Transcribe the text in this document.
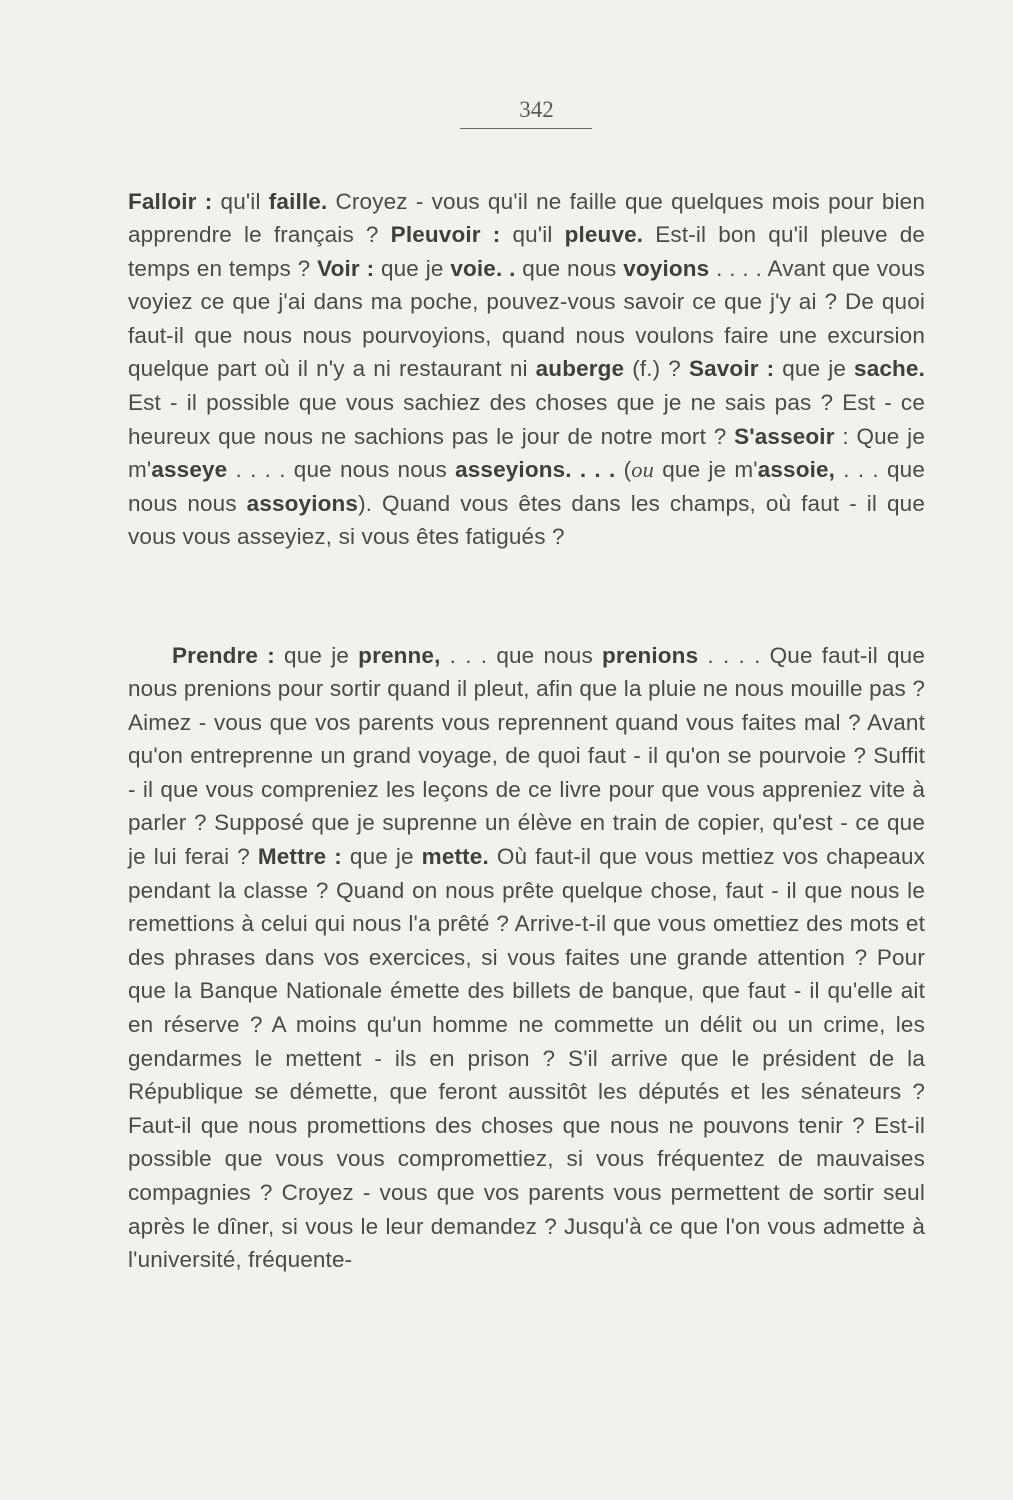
342

Falloir : qu'il faille. Croyez - vous qu'il ne faille que quelques mois pour bien apprendre le français ? Pleuvoir : qu'il pleuve. Est-il bon qu'il pleuve de temps en temps ? Voir : que je voie. . que nous voyions . . . . Avant que vous voyiez ce que j'ai dans ma poche, pouvez-vous savoir ce que j'y ai ? De quoi faut-il que nous nous pourvoyions, quand nous voulons faire une excursion quelque part où il n'y a ni restaurant ni auberge (f.) ? Savoir : que je sache. Est - il possible que vous sachiez des choses que je ne sais pas ? Est - ce heureux que nous ne sachions pas le jour de notre mort ? S'asseoir : Que je m'asseye . . . . que nous nous asseyions. . . . (ou que je m'assoie, . . . que nous nous assoyions). Quand vous êtes dans les champs, où faut - il que vous vous asseyiez, si vous êtes fatigués ?

Prendre : que je prenne, . . . que nous prenions . . . . Que faut-il que nous prenions pour sortir quand il pleut, afin que la pluie ne nous mouille pas ? Aimez - vous que vos parents vous reprennent quand vous faites mal ? Avant qu'on entreprenne un grand voyage, de quoi faut - il qu'on se pourvoie ? Suffit - il que vous compreniez les leçons de ce livre pour que vous appreniez vite à parler ? Supposé que je suprenne un élève en train de copier, qu'est - ce que je lui ferai ? Mettre : que je mette. Où faut-il que vous mettiez vos chapeaux pendant la classe ? Quand on nous prête quelque chose, faut - il que nous le remettions à celui qui nous l'a prêté ? Arrive-t-il que vous omettiez des mots et des phrases dans vos exercices, si vous faites une grande attention ? Pour que la Banque Nationale émette des billets de banque, que faut - il qu'elle ait en réserve ? A moins qu'un homme ne commette un délit ou un crime, les gendarmes le mettent - ils en prison ? S'il arrive que le président de la République se démette, que feront aussitôt les députés et les sénateurs ? Faut-il que nous promettions des choses que nous ne pouvons tenir ? Est-il possible que vous vous compromettiez, si vous fréquentez de mauvaises compagnies ? Croyez - vous que vos parents vous permettent de sortir seul après le dîner, si vous le leur demandez ? Jusqu'à ce que l'on vous admette à l'université, fréquente-
